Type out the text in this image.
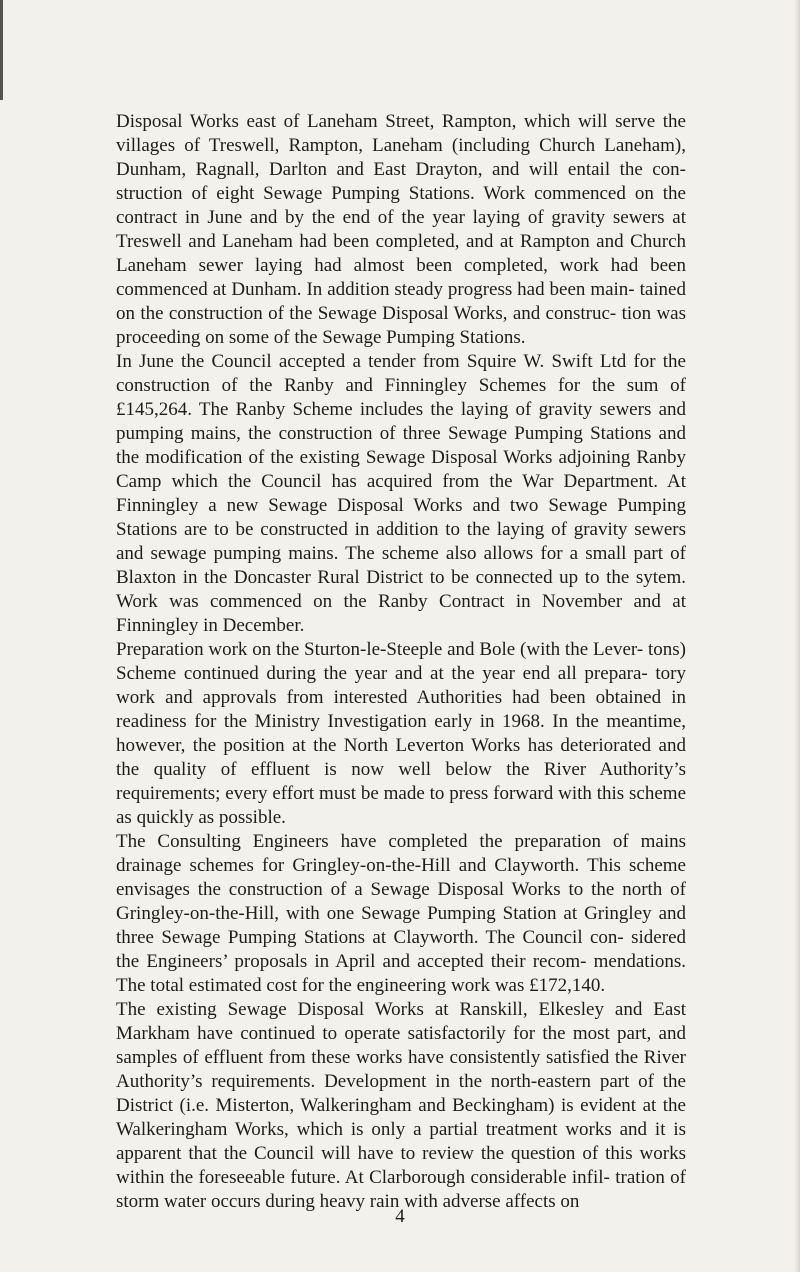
Disposal Works east of Laneham Street, Rampton, which will serve the villages of Treswell, Rampton, Laneham (including Church Laneham), Dunham, Ragnall, Darlton and East Drayton, and will entail the con- struction of eight Sewage Pumping Stations. Work commenced on the contract in June and by the end of the year laying of gravity sewers at Treswell and Laneham had been completed, and at Rampton and Church Laneham sewer laying had almost been completed, work had been commenced at Dunham. In addition steady progress had been main- tained on the construction of the Sewage Disposal Works, and construc- tion was proceeding on some of the Sewage Pumping Stations.

In June the Council accepted a tender from Squire W. Swift Ltd for the construction of the Ranby and Finningley Schemes for the sum of £145,264. The Ranby Scheme includes the laying of gravity sewers and pumping mains, the construction of three Sewage Pumping Stations and the modification of the existing Sewage Disposal Works adjoining Ranby Camp which the Council has acquired from the War Department. At Finningley a new Sewage Disposal Works and two Sewage Pumping Stations are to be constructed in addition to the laying of gravity sewers and sewage pumping mains. The scheme also allows for a small part of Blaxton in the Doncaster Rural District to be connected up to the sytem. Work was commenced on the Ranby Contract in November and at Finningley in December.

Preparation work on the Sturton-le-Steeple and Bole (with the Lever- tons) Scheme continued during the year and at the year end all prepara- tory work and approvals from interested Authorities had been obtained in readiness for the Ministry Investigation early in 1968. In the meantime, however, the position at the North Leverton Works has deteriorated and the quality of effluent is now well below the River Authority’s requirements; every effort must be made to press forward with this scheme as quickly as possible.

The Consulting Engineers have completed the preparation of mains drainage schemes for Gringley-on-the-Hill and Clayworth. This scheme envisages the construction of a Sewage Disposal Works to the north of Gringley-on-the-Hill, with one Sewage Pumping Station at Gringley and three Sewage Pumping Stations at Clayworth. The Council con- sidered the Engineers’ proposals in April and accepted their recom- mendations. The total estimated cost for the engineering work was £172,140.

The existing Sewage Disposal Works at Ranskill, Elkesley and East Markham have continued to operate satisfactorily for the most part, and samples of effluent from these works have consistently satisfied the River Authority’s requirements. Development in the north-eastern part of the District (i.e. Misterton, Walkeringham and Beckingham) is evident at the Walkeringham Works, which is only a partial treatment works and it is apparent that the Council will have to review the question of this works within the foreseeable future. At Clarborough considerable infil- tration of storm water occurs during heavy rain with adverse affects on

4
